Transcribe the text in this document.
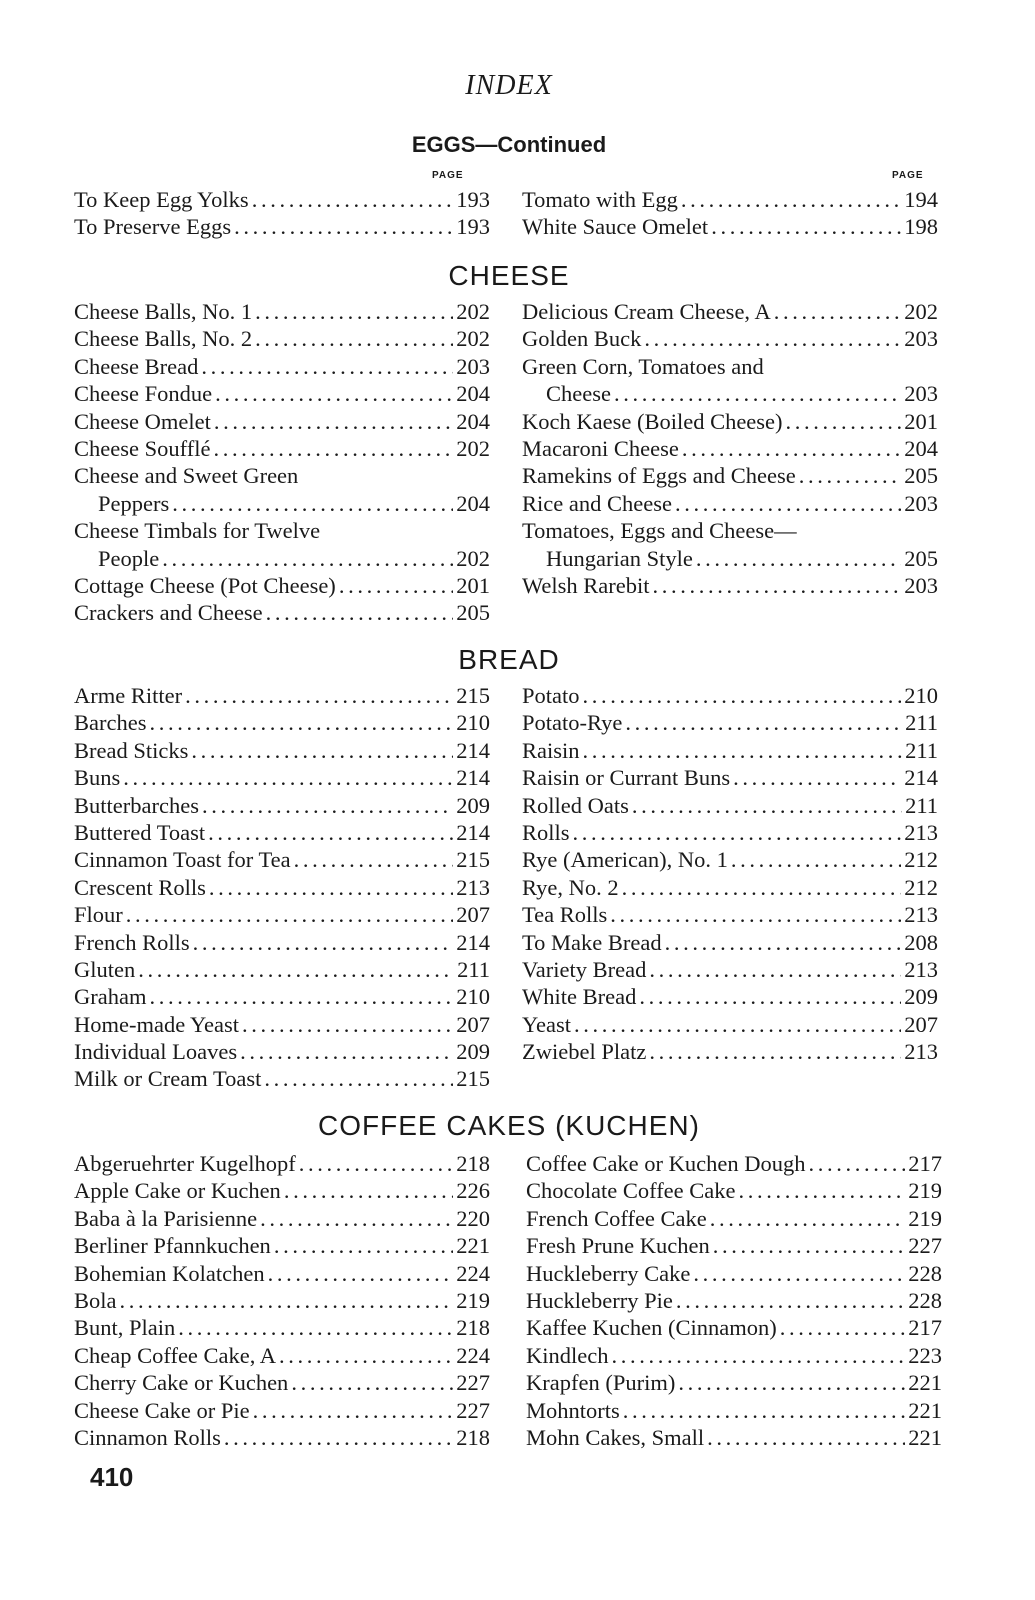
INDEX
EGGS—Continued
PAGE	PAGE
To Keep Egg Yolks . . .	193
To Preserve Eggs . . .	193
Tomato with Egg . . .	194
White Sauce Omelet . . .	198
CHEESE
Cheese Balls, No. 1 . . .	202
Cheese Balls, No. 2 . . .	202
Cheese Bread . . .	203
Cheese Fondue . . .	204
Cheese Omelet . . .	204
Cheese Soufflé . . .	202
Cheese and Sweet Green
Peppers . . .	204
Cheese Timbals for Twelve
People . . .	202
Cottage Cheese (Pot Cheese) . . .	201
Crackers and Cheese . . .	205
Delicious Cream Cheese, A . . .	202
Golden Buck . . .	203
Green Corn, Tomatoes and
Cheese . . .	203
Koch Kaese (Boiled Cheese) . . .	201
Macaroni Cheese . . .	204
Ramekins of Eggs and Cheese . . .	205
Rice and Cheese . . .	203
Tomatoes, Eggs and Cheese—
Hungarian Style . . .	205
Welsh Rarebit . . .	203
BREAD
Arme Ritter . . .	215
Barches . . .	210
Bread Sticks . . .	214
Buns . . .	214
Butterbarches . . .	209
Buttered Toast . . .	214
Cinnamon Toast for Tea . . .	215
Crescent Rolls . . .	213
Flour . . .	207
French Rolls . . .	214
Gluten . . .	211
Graham . . .	210
Home-made Yeast . . .	207
Individual Loaves . . .	209
Milk or Cream Toast . . .	215
Potato . . .	210
Potato-Rye . . .	211
Raisin . . .	211
Raisin or Currant Buns . . .	214
Rolled Oats . . .	211
Rolls . . .	213
Rye (American), No. 1 . . .	212
Rye, No. 2 . . .	212
Tea Rolls . . .	213
To Make Bread . . .	208
Variety Bread . . .	213
White Bread . . .	209
Yeast . . .	207
Zwiebel Platz . . .	213
COFFEE CAKES (KUCHEN)
Abgeruehrter Kugelhopf . . .	218
Apple Cake or Kuchen . . .	226
Baba à la Parisienne . . .	220
Berliner Pfannkuchen . . .	221
Bohemian Kolatchen . . .	224
Bola . . .	219
Bunt, Plain . . .	218
Cheap Coffee Cake, A . . .	224
Cherry Cake or Kuchen . . .	227
Cheese Cake or Pie . . .	227
Cinnamon Rolls . . .	218
Coffee Cake or Kuchen Dough . . .	217
Chocolate Coffee Cake . . .	219
French Coffee Cake . . .	219
Fresh Prune Kuchen . . .	227
Huckleberry Cake . . .	228
Huckleberry Pie . . .	228
Kaffee Kuchen (Cinnamon) . . .	217
Kindlech . . .	223
Krapfen (Purim) . . .	221
Mohntorts . . .	221
Mohn Cakes, Small . . .	221
410
